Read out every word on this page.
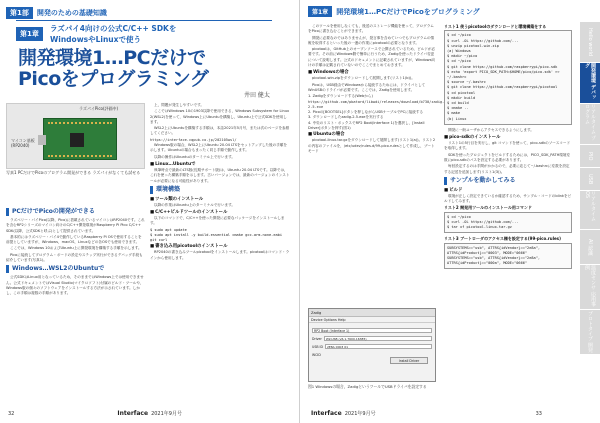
第1部	開発のための基礎知識
第1章
ラズパイ4向けの公式C/C++ SDKを
WindowsやLinuxで使う
開発環境1…PCだけで
Picoをプログラミング
井田 健太
ラズパイPico(評価中)
マイコン基板(RP2040)
写真1 PCだけでPicoのプログラム開発ができる ラズパイがなくても試せる
PCだけでPicoの開発ができる

ラズベリー・パイPico(以降，Pico)に搭載されているマイコンはRP2040です。これを含むRP2シリーズのマイコン向けのC/C++開発環境がRaspberry Pi Pico C/C++ SDK(以降，公式SDKと呼ぶ)として提供されています。

基本的にはラズベリー・パイ4で動作しているRaspberry Pi OSで使用することを前提としていますが，Windows，macOS，Linuxなどの各OSでも使用できます。

ここでは，Windows 10およびUbuntu上に開発環境を構築する手順を示します。

Picoに接続してプログラム・ボードの設定やステップ実行ができるデバッグ手段も紹介しています(写真1)。

Windows…WSL2のUbuntuで

公式SDKはLinux用となっているため，そのままではWindows上では使用できません。公式ドキュメントではVisual Studio(マイクロソフト)付属のビルド・ツールや，Windows版の個々のソフトウェアをインストールする方法が示されています。しかし，この手順は複数の手順があります。

上，問題が発生しやすいです。

ここではWindows 10の1903以降で使用できる，Windows Subsystem for Linux 2(WSL2)を使って，Windows上にUbuntuを構築し，Ubuntu上で公式SDKを使用します。

WSL2上にUbuntuを構築する手順は，本誌2021年5月号，または次のページを参照してください。

https://interface.cqpub.co.jp/202105wsl/

Windows版の場合，WSL2上にUbuntu 20.04 LTSをセットアップした後の手順を示します。Ubuntuの場合もまったく同じ手順で動作します。

以降の操作はUbuntuのターミナル上で行います。

■ Linux…Ubuntuで

執筆時点で最新のLTS版(長期サポート版)は，Ubuntu 20.04 LTSです。以降では，これを使った構築手順を示します。古いバージョンでは，最新のバージョンのインストールが必要になる可能性があります。

環境構築
■ ツール類のインストール

以降の作業はUbuntu上のターミナルで行います。

■ C/C++ビルドツールのインストール

以下のコマンドで，C/C++を使った開発に必要なパッケージをインストールします。

$ sudo apt update
$ sudo apt install -y build-essential cmake gcc-arm-none-eabi git curl
■ 書き込み用picotoolのインストール

RP2040の書き込みツールpicotoolをインストールします。picotoolはコマンド・ラインから使用します。

32	Interface 2021年9月号
第1章	開発環境1…PCだけでPicoをプログラミング

このツールを使用しなくても，後述のストレージ機能を使って，プログラムをPicoに書き込むことができます。

開発に必要なのではありませんが，発言事を含めていつでもプログラムの情報を取得するといった後の一連の作業にpicotoolの必要となります。

picotoolは，GitHub上のオープンソースで公開されているため，ビルドが必要です。その前にWindows側で簡単に行うため，Zadigを使ったドライバ変更について説明します。公式のドキュメントに記載されていますが，Windows向けの手順は記載されていないのでここでまとめておきます。

■ Windowsの場合

picotool-win.zipをダウンロードして展開します(リスト1(b))。

Picoは，USB経由でWindowsから接続するためには，ドライバとしてWinUSBのドライバが必要です。ここでは，Zadigを使用します。

1. Zadigをダウンロードする(Webから)
https://github.com/pbatard/libwdi/releases/download/b730/zadig-2.5.exe
2. Picoの[BOOTSEL]ボタンを押しながらUSBケーブルでPCに接続する
3. ダウンロードしたzadig-2.5.exeを実行する
4. 中央のリスト・ボックスでRP2 Boot(Interface 1)を選択し，[Install Driver]ボタンを押す(図1)
■ Ubuntuの場合

picotool-linux.tar.gzをダウンロードして展開します(リスト1(a))。リスト2の内容のファイルを，/etc/udev/rules.d/99-pico.rulesとして作成し，ブートモード

Zadig
Device Options Help
RP2 Boot (Interface 1)
Driver	WinUSB (v6.1.7600.16385)
USB ID	2E8A 0003 01
WCID
Install Driver
図1 Windowsの場合，ZadigというツールでUSBドライバを設定する
リスト1 使うpicotoolのダウンロードと環境構築をする
$ cd ~/pico
$ curl -OL https://github.com/...
$ unzip picotool-win.zip
(a) Windows
$ mkdir ~/pico
$ cd ~/pico
$ git clone https://github.com/raspberrypi/pico-sdk
$ echo 'export PICO_SDK_PATH=$HOME/pico/pico-sdk' >> ~/.bashrc
$ source ~/.bashrc
$ git clone https://github.com/raspberrypi/picotool
$ cd picotool
$ mkdir build
$ cd build
$ cmake ..
$ make
(b) Linux

開発に一般ユーザからアクセスできるようにします。

■ pico-sdkのインストール

リスト1の5行目を実行し，git コマンドを使って，pico-sdkのソースコードを取得します。

SDKを使ったプロジェクトをビルドするためには，PICO_SDK_PATH環境変数にpico-sdkのパスを設定する必要があります。

毎回設定するのは手間がかかるので，必要に応じて~/.bashrcに変数を設定する記述を追加します(リスト1(3))。

サンプルを動かしてみる
■ ビルド

環境が正しく設定できているか確認するため，サンプル・コードのblinkをビルドしてみます。

リスト2 開発用ツールのインストール用コマンド
$ cd ~/pico
$ curl -OL https://github.com/...
$ tar xf picotool-linux.tar.gz
リスト3 ブートローダのアクセス権を設定する(99-pico.rules)
SUBSYSTEMS=="usb", ATTRS{idVendor}=="2e8a",
ATTRS{idProduct}=="0003", MODE="0666"
SUBSYSTEMS=="usb", ATTRS{idVendor}=="2e8a",
ATTRS{idProduct}=="000a", MODE="0666"
Hello world
開発環境 デバッグ
リアルタイム プログラム
PIO
USB
リアルタイム OS
AI 認識
温度センサ 応用事例
プロトタイプ 開発
Interface 2021年9月号	33
